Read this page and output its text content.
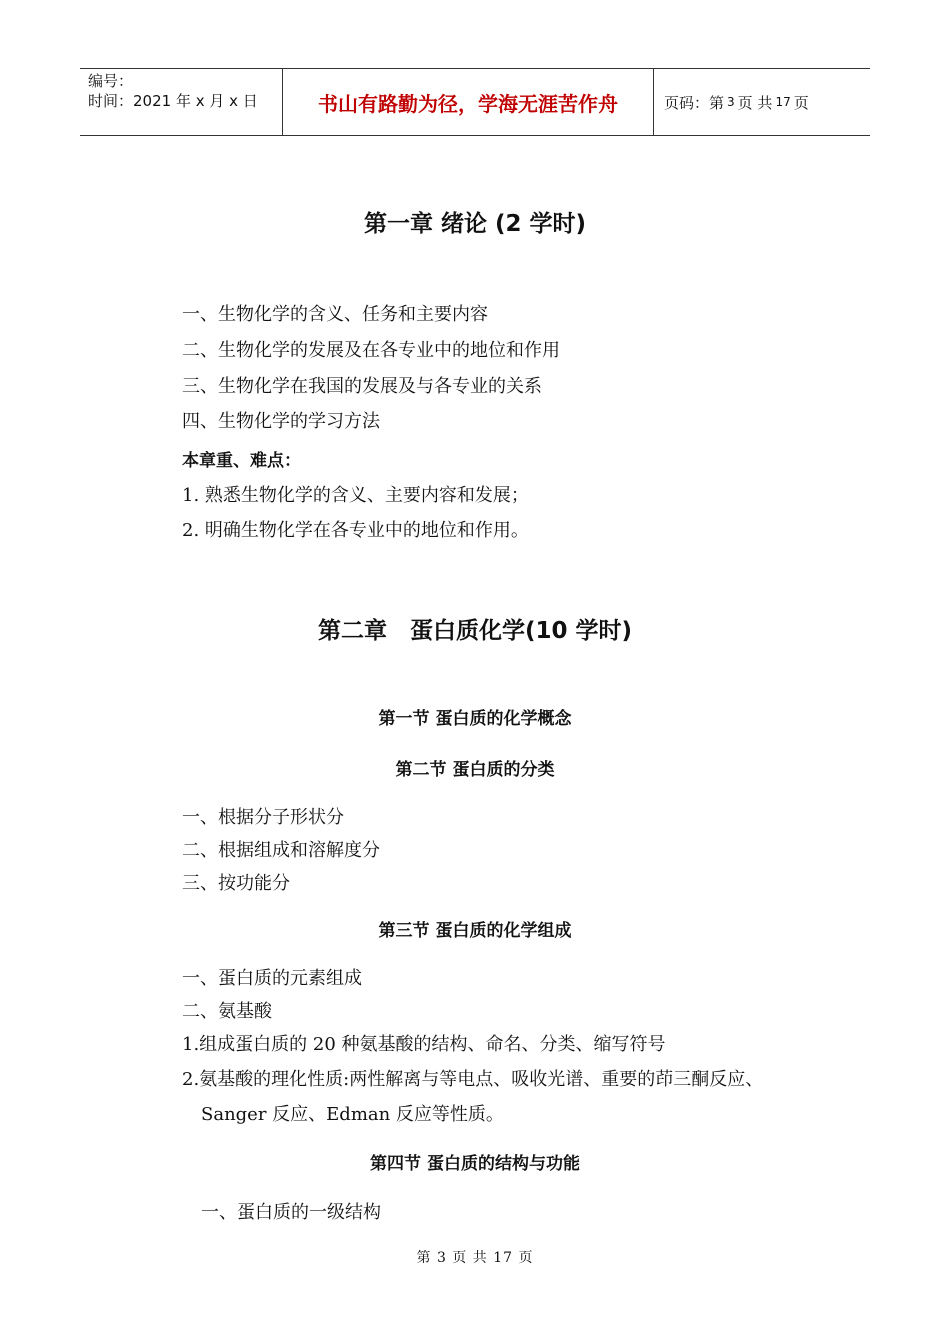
编号：
时间：2021 年 x 月 x 日	书山有路勤为径，学海无涯苦作舟	页码：第 3 页 共 17 页
第一章 绪论 (2 学时)
一、生物化学的含义、任务和主要内容
二、生物化学的发展及在各专业中的地位和作用
三、生物化学在我国的发展及与各专业的关系
四、生物化学的学习方法
本章重、难点：
1. 熟悉生物化学的含义、主要内容和发展；
2. 明确生物化学在各专业中的地位和作用。
第二章　蛋白质化学(10 学时)
第一节 蛋白质的化学概念
第二节 蛋白质的分类
一、根据分子形状分
二、根据组成和溶解度分
三、按功能分
第三节 蛋白质的化学组成
一、蛋白质的元素组成
二、氨基酸
1.组成蛋白质的 20 种氨基酸的结构、命名、分类、缩写符号
2.氨基酸的理化性质:两性解离与等电点、吸收光谱、重要的茚三酮反应、
Sanger 反应、Edman 反应等性质。
第四节 蛋白质的结构与功能
一、蛋白质的一级结构
第 3 页 共 17 页
